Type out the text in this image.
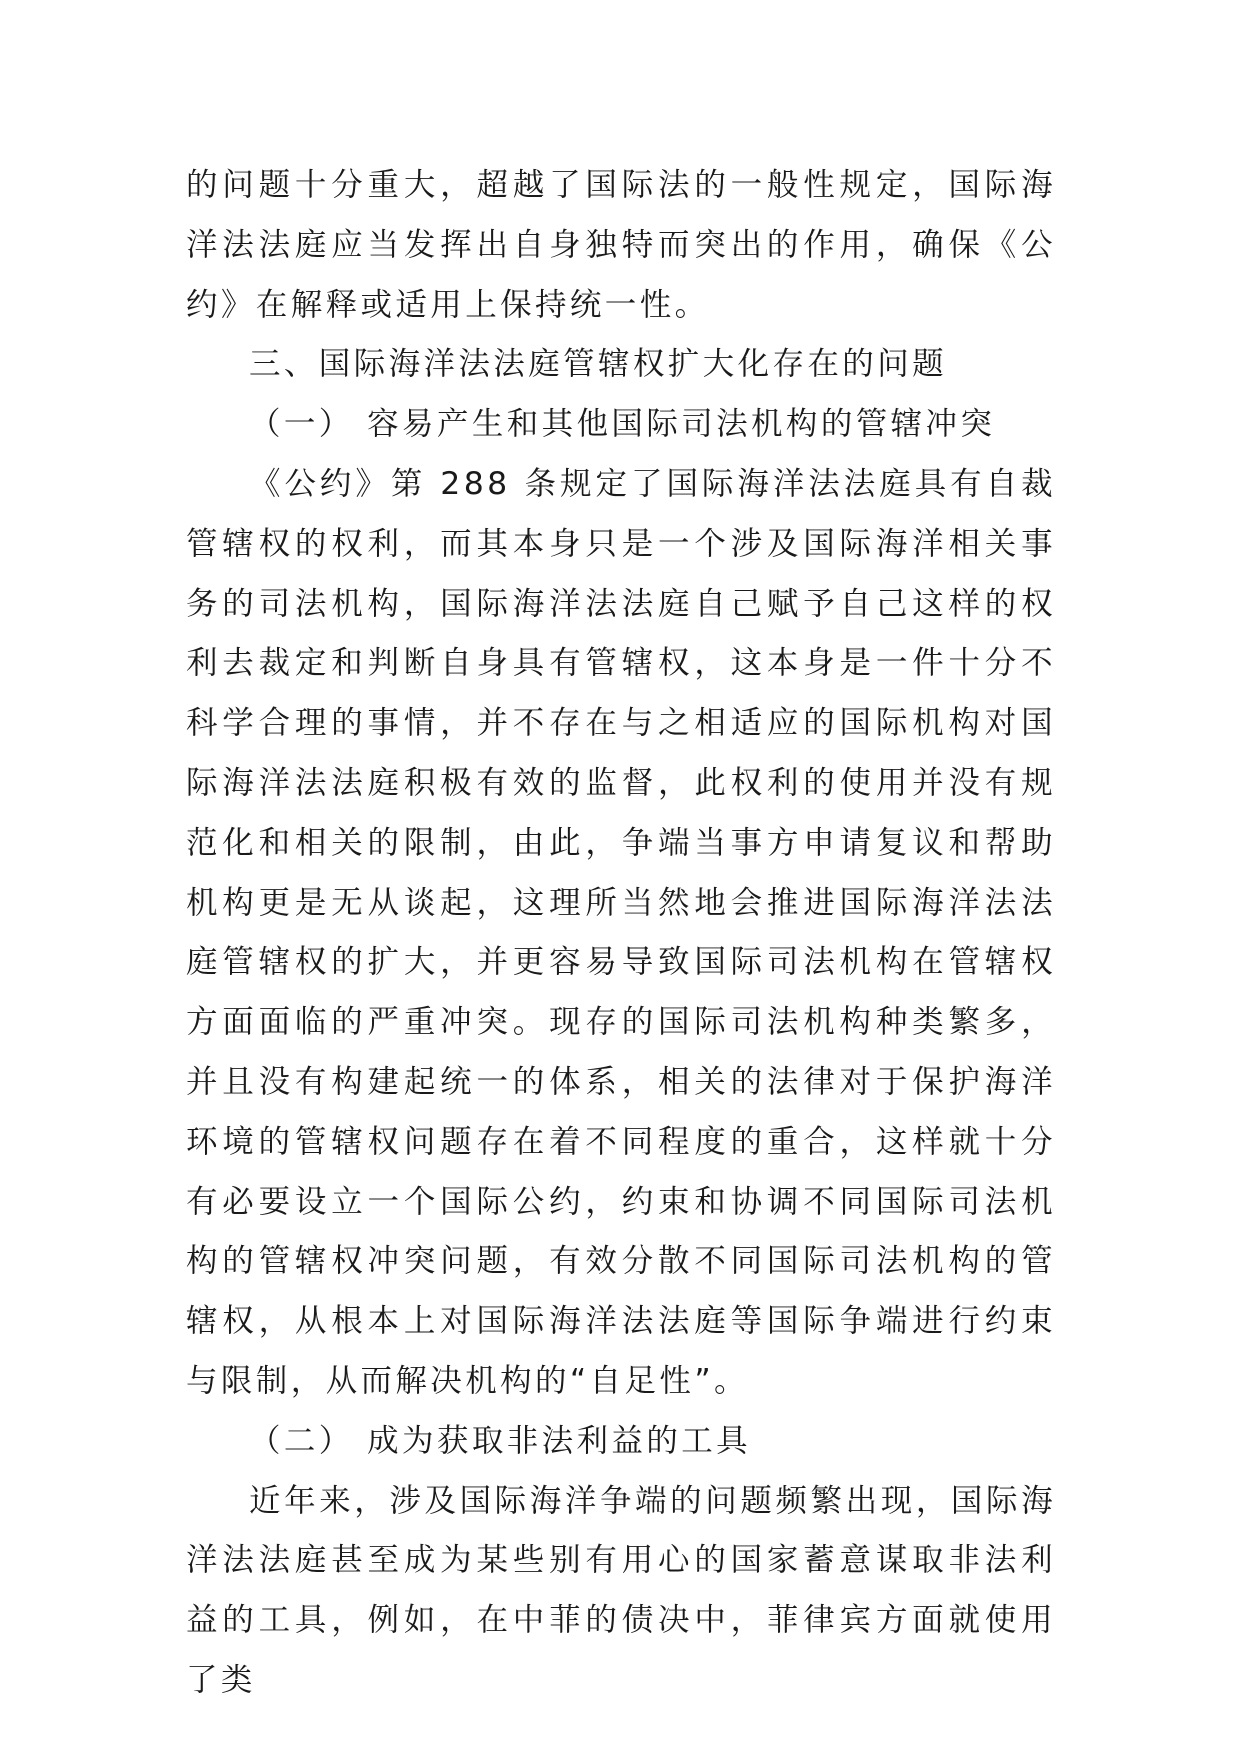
的问题十分重大，超越了国际法的一般性规定，国际海洋法法庭应当发挥出自身独特而突出的作用，确保《公约》在解释或适用上保持统一性。

三、国际海洋法法庭管辖权扩大化存在的问题

（一） 容易产生和其他国际司法机构的管辖冲突

《公约》第 288 条规定了国际海洋法法庭具有自裁管辖权的权利，而其本身只是一个涉及国际海洋相关事务的司法机构，国际海洋法法庭自己赋予自己这样的权利去裁定和判断自身具有管辖权，这本身是一件十分不科学合理的事情，并不存在与之相适应的国际机构对国际海洋法法庭积极有效的监督，此权利的使用并没有规范化和相关的限制，由此，争端当事方申请复议和帮助机构更是无从谈起，这理所当然地会推进国际海洋法法庭管辖权的扩大，并更容易导致国际司法机构在管辖权方面面临的严重冲突。现存的国际司法机构种类繁多，并且没有构建起统一的体系，相关的法律对于保护海洋环境的管辖权问题存在着不同程度的重合，这样就十分有必要设立一个国际公约，约束和协调不同国际司法机构的管辖权冲突问题，有效分散不同国际司法机构的管辖权，从根本上对国际海洋法法庭等国际争端进行约束与限制，从而解决机构的“自足性”。

（二） 成为获取非法利益的工具

近年来，涉及国际海洋争端的问题频繁出现，国际海洋法法庭甚至成为某些别有用心的国家蓄意谋取非法利益的工具，例如，在中菲的债决中，菲律宾方面就使用了类
